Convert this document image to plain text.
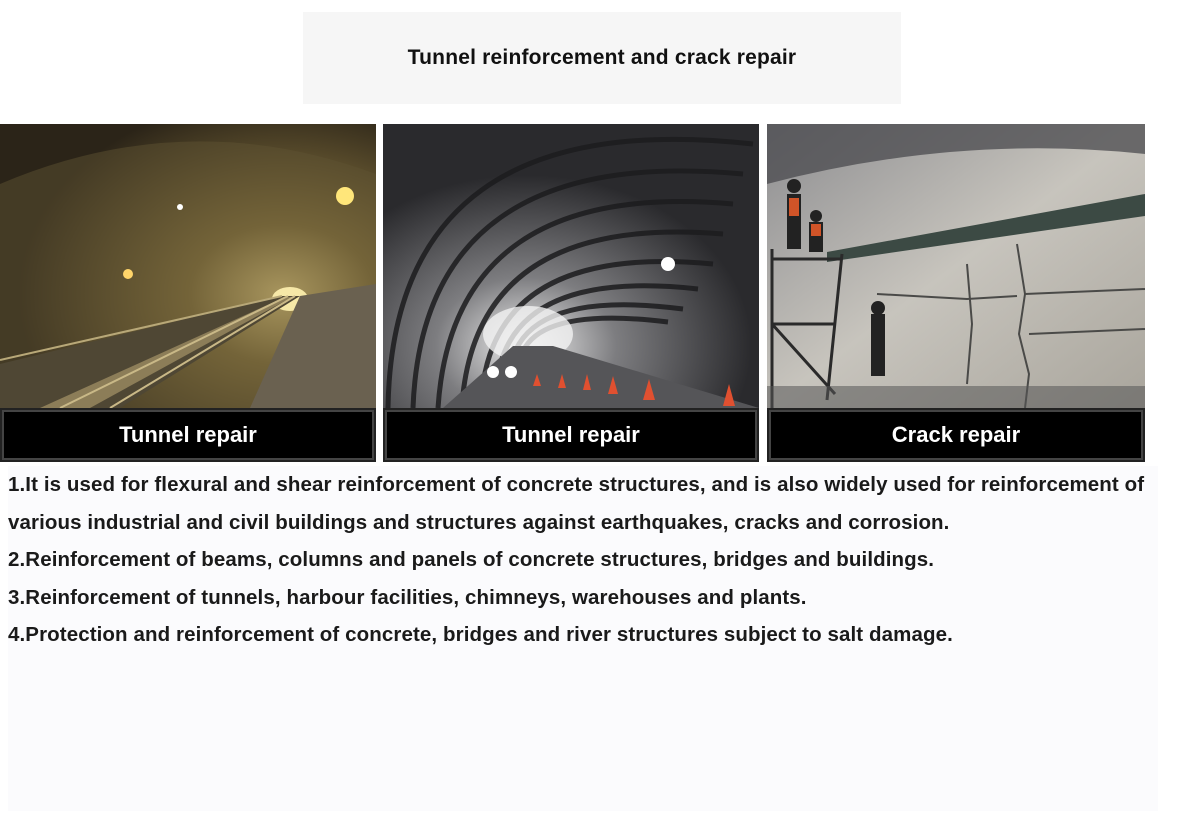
Tunnel reinforcement and crack repair
Tunnel repair	Tunnel repair	Crack repair
1.It is used for flexural and shear reinforcement of concrete structures, and is also widely used for reinforcement of various industrial and civil buildings and structures against earthquakes, cracks and corrosion.
2.Reinforcement of beams, columns and panels of concrete structures, bridges and buildings.
3.Reinforcement of tunnels, harbour facilities, chimneys, warehouses and plants.
4.Protection and reinforcement of concrete, bridges and river structures subject to salt damage.
